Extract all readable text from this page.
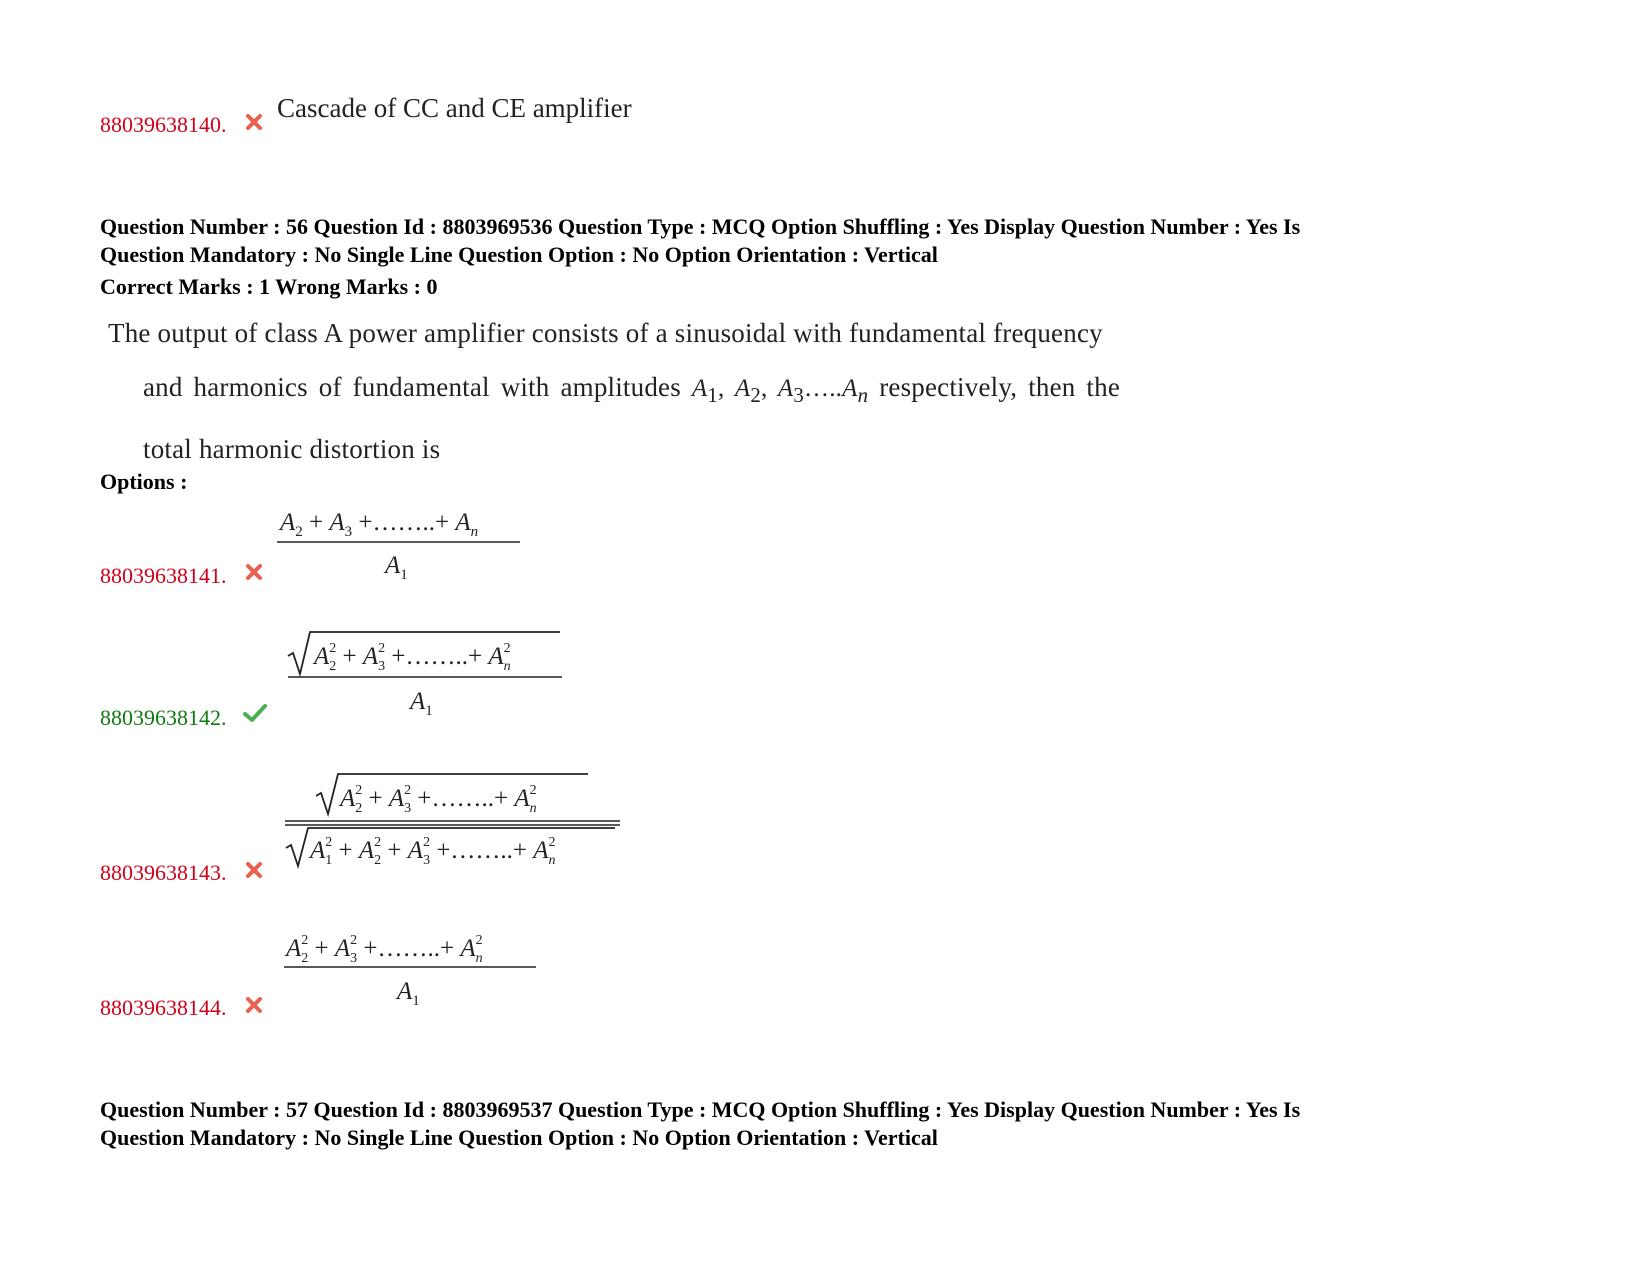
88039638140.
Cascade of CC and CE amplifier
Question Number : 56 Question Id : 8803969536 Question Type : MCQ Option Shuffling : Yes Display Question Number : Yes Is
Question Mandatory : No Single Line Question Option : No Option Orientation : Vertical
Correct Marks : 1 Wrong Marks : 0
The output of class A power amplifier consists of a sinusoidal with fundamental frequency
and harmonics of fundamental with amplitudes $A_1$, $A_2$, $A_3\dots..A_n$ respectively, then the
total harmonic distortion is
Options :
88039638141.
$A_2 + A_3$ +……..+ $A_n$
$A_1$
88039638142.
$A^2$ $2 + A^2$ 3 +……..+ $A^2$ n
$A_1$
88039638143.
$A^2$ $2 + A^2$ 3 +……..+ $A^2$ n
$A^2$ $1 + A^2$ $2 + A^2$ 3 +……..+ $A^2$ n
88039638144.
$A^2$ $2 + A^2$ 3 +……..+ $A^2$ n
$A_1$
Question Number : 57 Question Id : 8803969537 Question Type : MCQ Option Shuffling : Yes Display Question Number : Yes Is
Question Mandatory : No Single Line Question Option : No Option Orientation : Vertical
